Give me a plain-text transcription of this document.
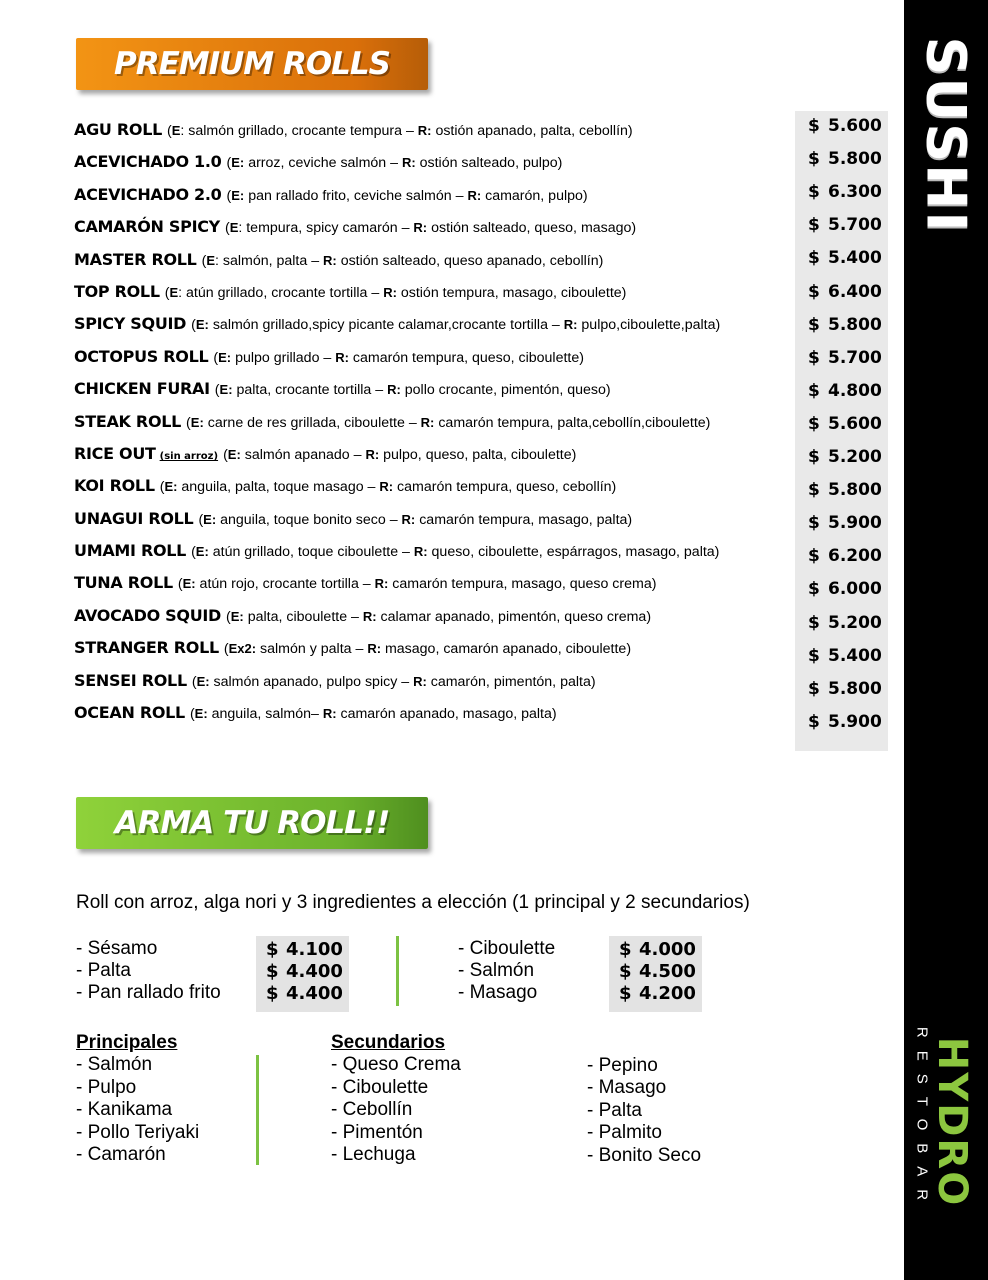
SUSHI
HYDRO
RESTOBAR
PREMIUM ROLLS
AGU ROLL (E: salmón grillado, crocante tempura – R: ostión apanado, palta, cebollín)
ACEVICHADO 1.0 (E: arroz, ceviche salmón – R: ostión salteado, pulpo)
ACEVICHADO 2.0 (E: pan rallado frito, ceviche salmón – R: camarón, pulpo)
CAMARÓN SPICY (E: tempura, spicy camarón – R: ostión salteado, queso, masago)
MASTER ROLL (E: salmón, palta – R: ostión salteado, queso apanado, cebollín)
TOP ROLL (E: atún grillado, crocante tortilla – R: ostión tempura, masago, ciboulette)
SPICY SQUID (E: salmón grillado,spicy picante calamar,crocante tortilla – R: pulpo,ciboulette,palta)
OCTOPUS ROLL (E: pulpo grillado – R: camarón tempura, queso, ciboulette)
CHICKEN FURAI (E: palta, crocante tortilla – R: pollo crocante, pimentón, queso)
STEAK ROLL (E: carne de res grillada, ciboulette – R: camarón tempura, palta,cebollín,ciboulette)
RICE OUT (sin arroz) (E: salmón apanado – R: pulpo, queso, palta, ciboulette)
KOI ROLL (E: anguila, palta, toque masago – R: camarón tempura, queso, cebollín)
UNAGUI ROLL (E: anguila, toque bonito seco – R: camarón tempura, masago, palta)
UMAMI ROLL (E: atún grillado, toque ciboulette – R: queso, ciboulette, espárragos, masago, palta)
TUNA ROLL (E: atún rojo, crocante tortilla – R: camarón tempura, masago, queso crema)
AVOCADO SQUID (E: palta, ciboulette – R: calamar apanado, pimentón, queso crema)
STRANGER ROLL (Ex2: salmón y palta – R: masago, camarón apanado, ciboulette)
SENSEI ROLL (E: salmón apanado, pulpo spicy – R: camarón, pimentón, palta)
OCEAN ROLL (E: anguila, salmón– R: camarón apanado, masago, palta)
$ 5.600
$ 5.800
$ 6.300
$ 5.700
$ 5.400
$ 6.400
$ 5.800
$ 5.700
$ 4.800
$ 5.600
$ 5.200
$ 5.800
$ 5.900
$ 6.200
$ 6.000
$ 5.200
$ 5.400
$ 5.800
$ 5.900
ARMA TU ROLL!!
Roll con arroz, alga nori y 3 ingredientes a elección (1 principal y 2 secundarios)
- Sésamo
- Palta
- Pan rallado frito
$ 4.100
$ 4.400
$ 4.400
- Ciboulette
- Salmón
- Masago
$ 4.000
$ 4.500
$ 4.200
Principales
- Salmón
- Pulpo
- Kanikama
- Pollo Teriyaki
- Camarón
Secundarios
- Queso Crema
- Ciboulette
- Cebollín
- Pimentón
- Lechuga
- Pepino
- Masago
- Palta
- Palmito
- Bonito Seco
